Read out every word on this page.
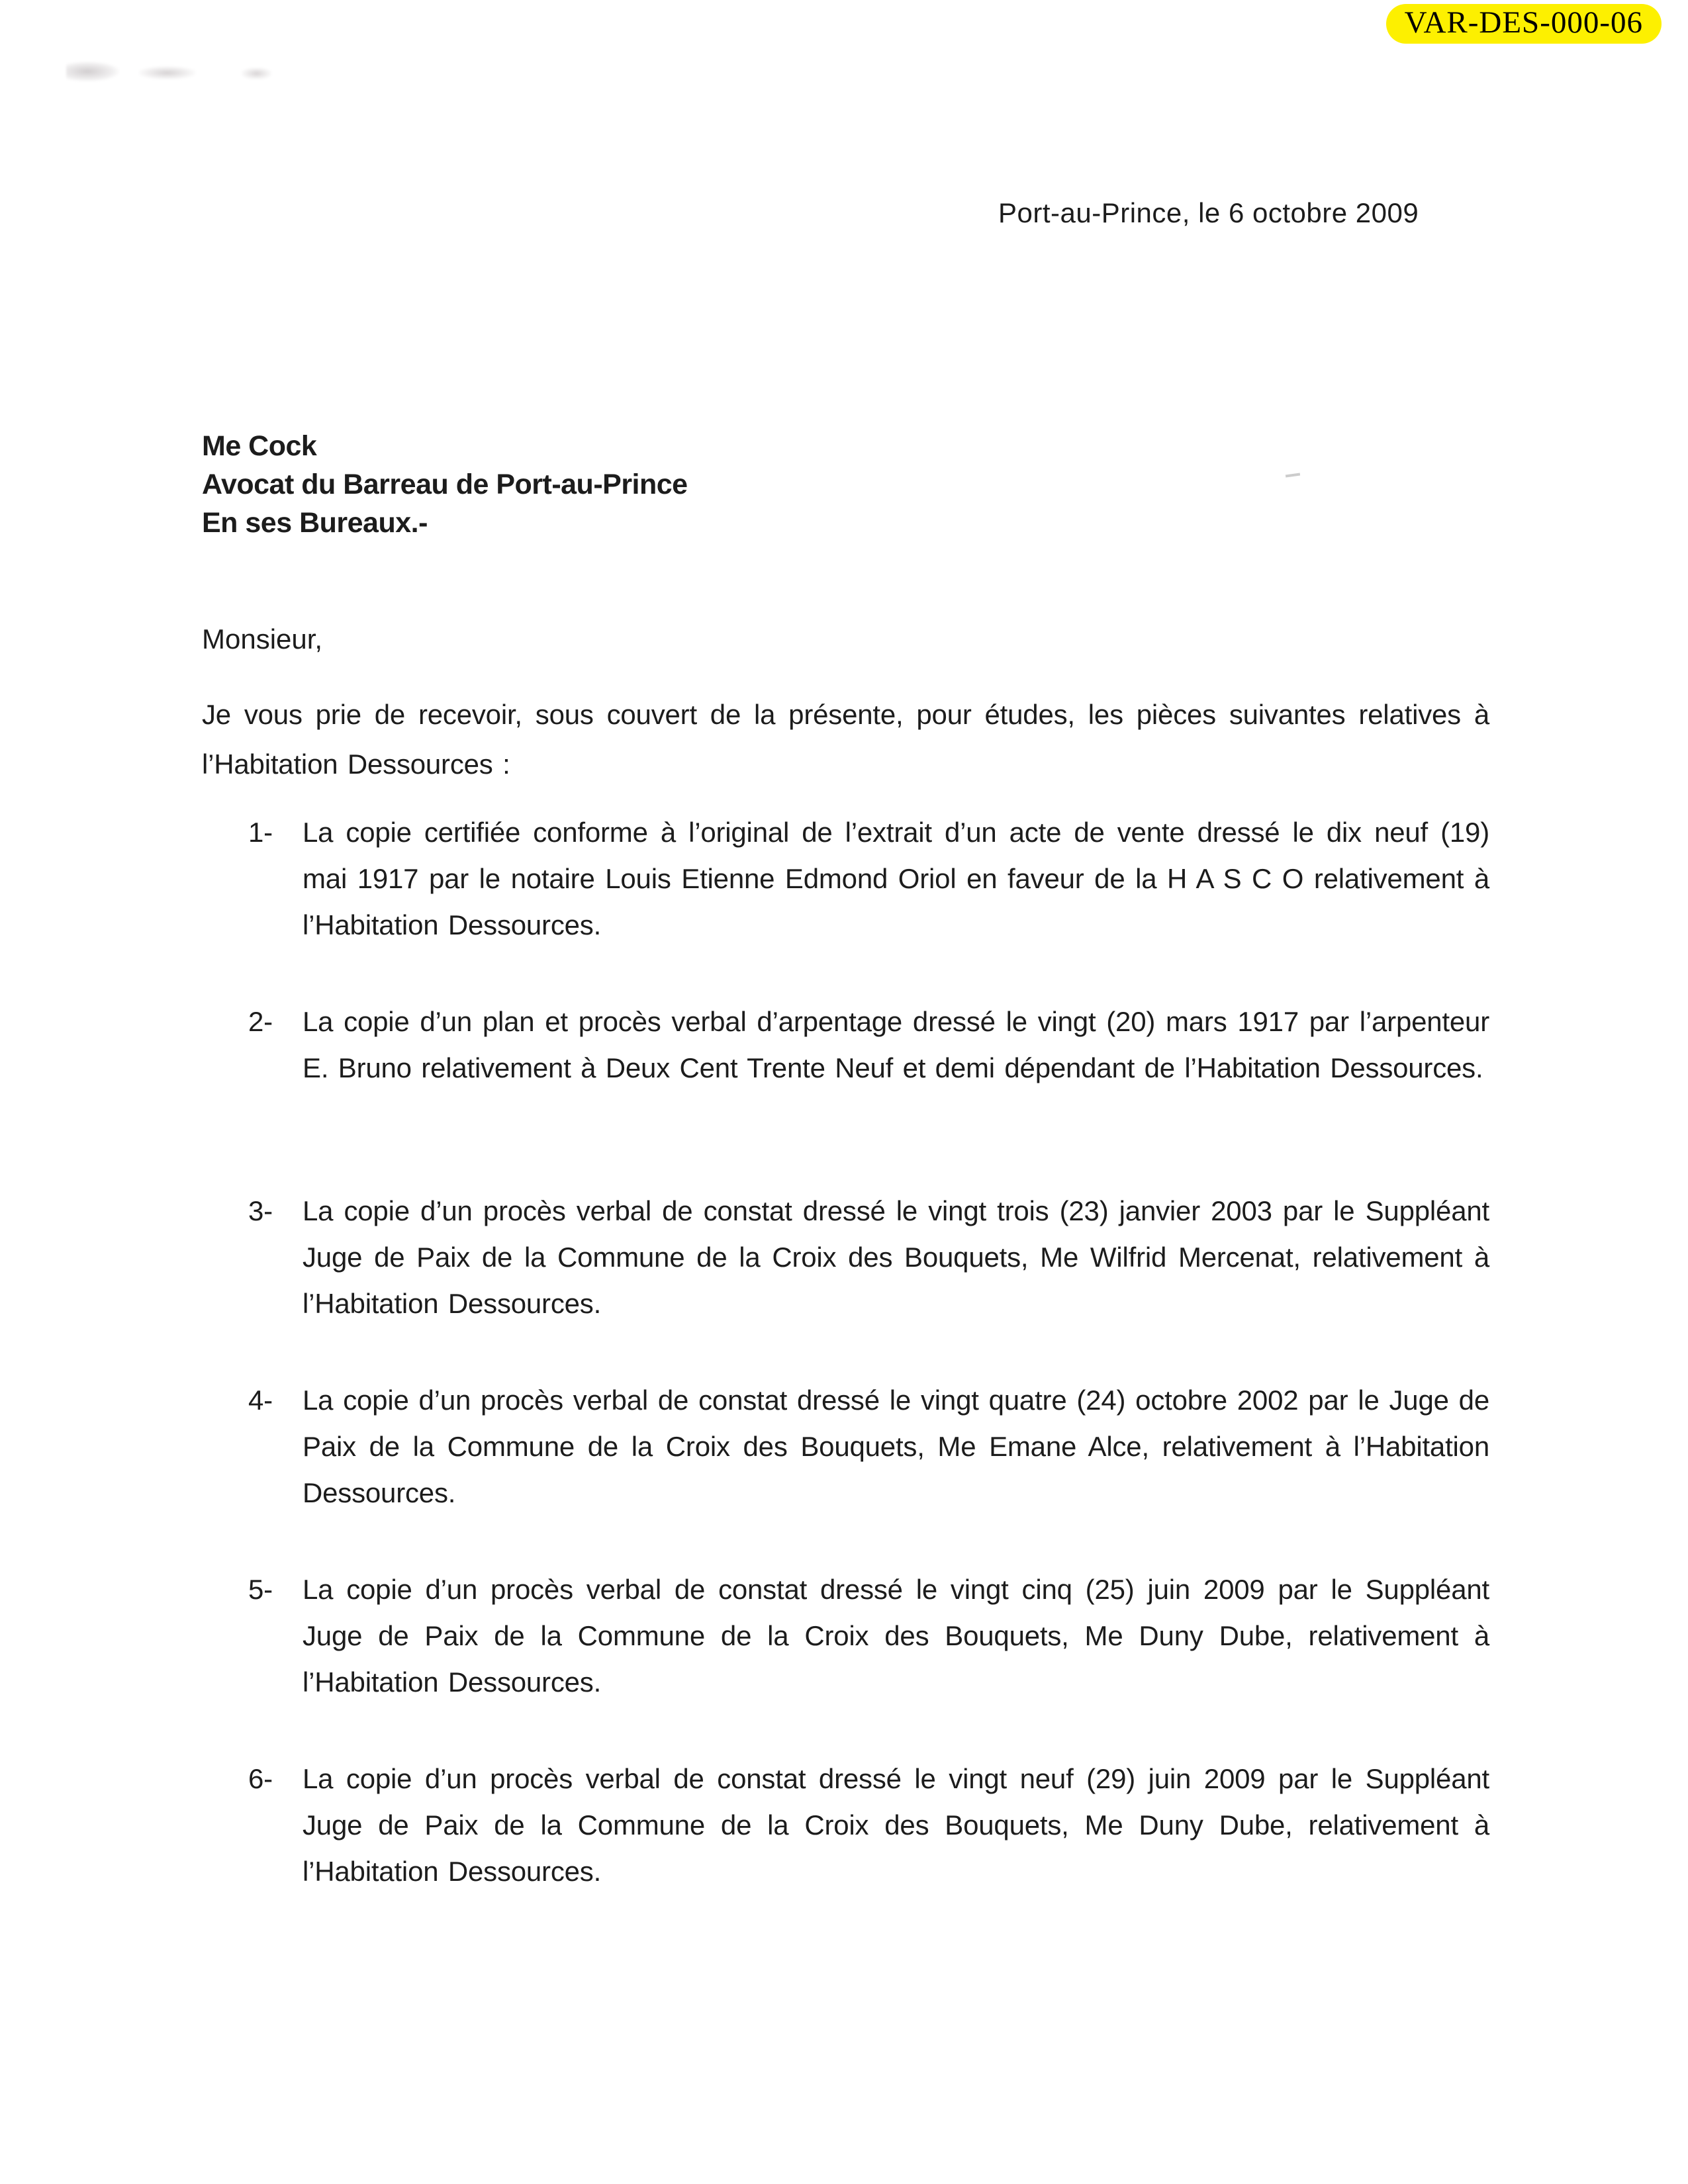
VAR-DES-000-06
Port-au-Prince, le 6 octobre 2009
Me Cock
Avocat du Barreau de Port-au-Prince
En ses Bureaux.-
Monsieur,
Je vous prie de recevoir, sous couvert de la présente, pour études, les pièces suivantes relatives à l’Habitation Dessources :
1-	La copie certifiée conforme à l’original de l’extrait d’un acte de vente dressé le dix neuf (19) mai 1917 par le notaire Louis Etienne Edmond Oriol en faveur de la H A S C O relativement à l’Habitation Dessources.
2-	La copie d’un plan et procès verbal d’arpentage dressé le vingt (20) mars 1917 par l’arpenteur E. Bruno relativement à Deux Cent Trente Neuf et demi dépendant de l’Habitation Dessources.
3-	La copie d’un procès verbal de constat dressé le vingt trois (23) janvier 2003 par le Suppléant Juge de Paix de la Commune de la Croix des Bouquets, Me Wilfrid Mercenat, relativement à l’Habitation Dessources.
4-	La copie d’un procès verbal de constat dressé le vingt quatre (24) octobre 2002 par le Juge de Paix de la Commune de la Croix des Bouquets, Me Emane Alce, relativement à l’Habitation Dessources.
5-	La copie d’un procès verbal de constat dressé le vingt cinq (25) juin 2009 par le Suppléant Juge de Paix de la Commune de la Croix des Bouquets, Me Duny Dube, relativement à l’Habitation Dessources.
6-	La copie d’un procès verbal de constat dressé le vingt neuf (29) juin 2009 par le Suppléant Juge de Paix de la Commune de la Croix des Bouquets, Me Duny Dube, relativement à l’Habitation Dessources.
